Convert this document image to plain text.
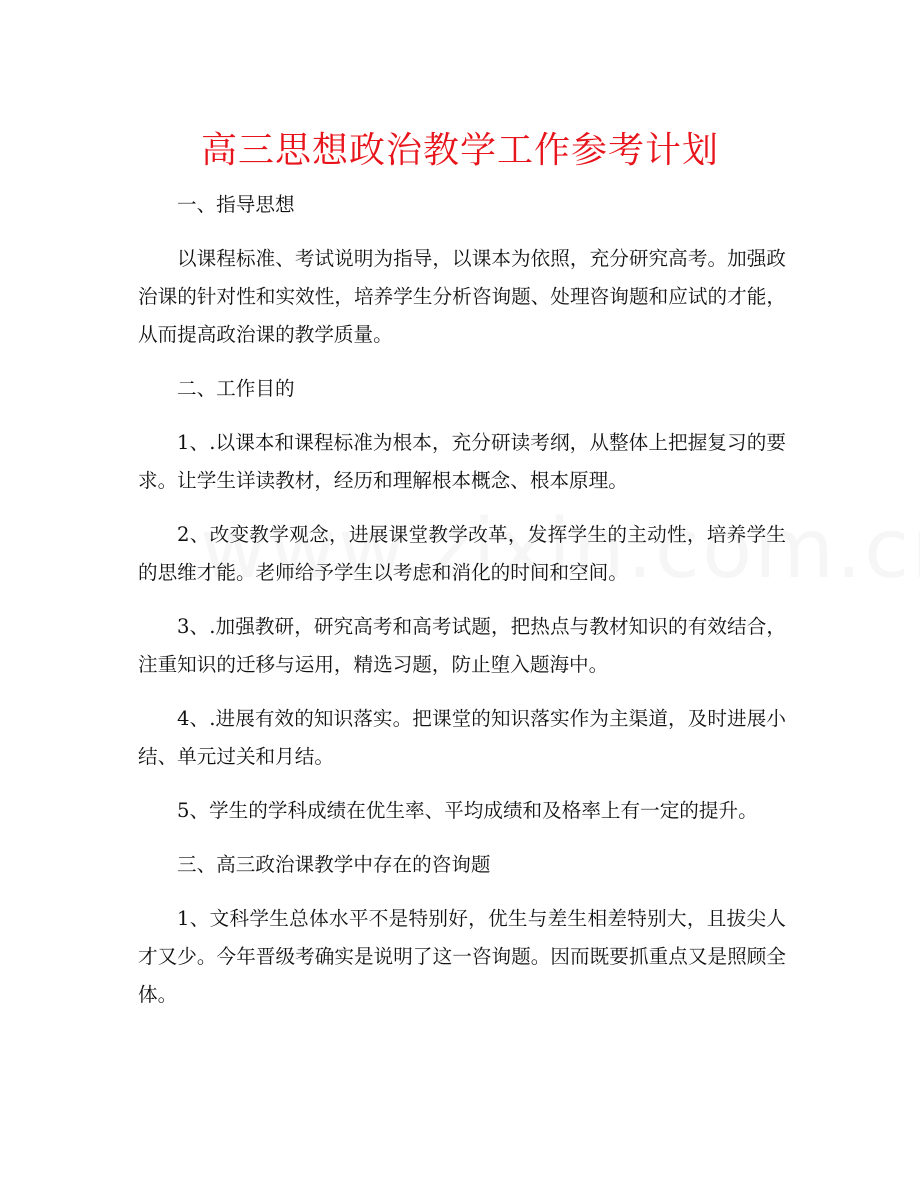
高三思想政治教学工作参考计划

一、指导思想

以课程标准、考试说明为指导，以课本为依照，充分研究高考。加强政治课的针对性和实效性，培养学生分析咨询题、处理咨询题和应试的才能，从而提高政治课的教学质量。

二、工作目的

1、.以课本和课程标准为根本，充分研读考纲，从整体上把握复习的要求。让学生详读教材，经历和理解根本概念、根本原理。

2、改变教学观念，进展课堂教学改革，发挥学生的主动性，培养学生的思维才能。老师给予学生以考虑和消化的时间和空间。

3、.加强教研，研究高考和高考试题，把热点与教材知识的有效结合，注重知识的迁移与运用，精选习题，防止堕入题海中。

4、.进展有效的知识落实。把课堂的知识落实作为主渠道，及时进展小结、单元过关和月结。

5、学生的学科成绩在优生率、平均成绩和及格率上有一定的提升。

三、高三政治课教学中存在的咨询题

1、文科学生总体水平不是特别好，优生与差生相差特别大，且拔尖人才又少。今年晋级考确实是说明了这一咨询题。因而既要抓重点又是照顾全体。
